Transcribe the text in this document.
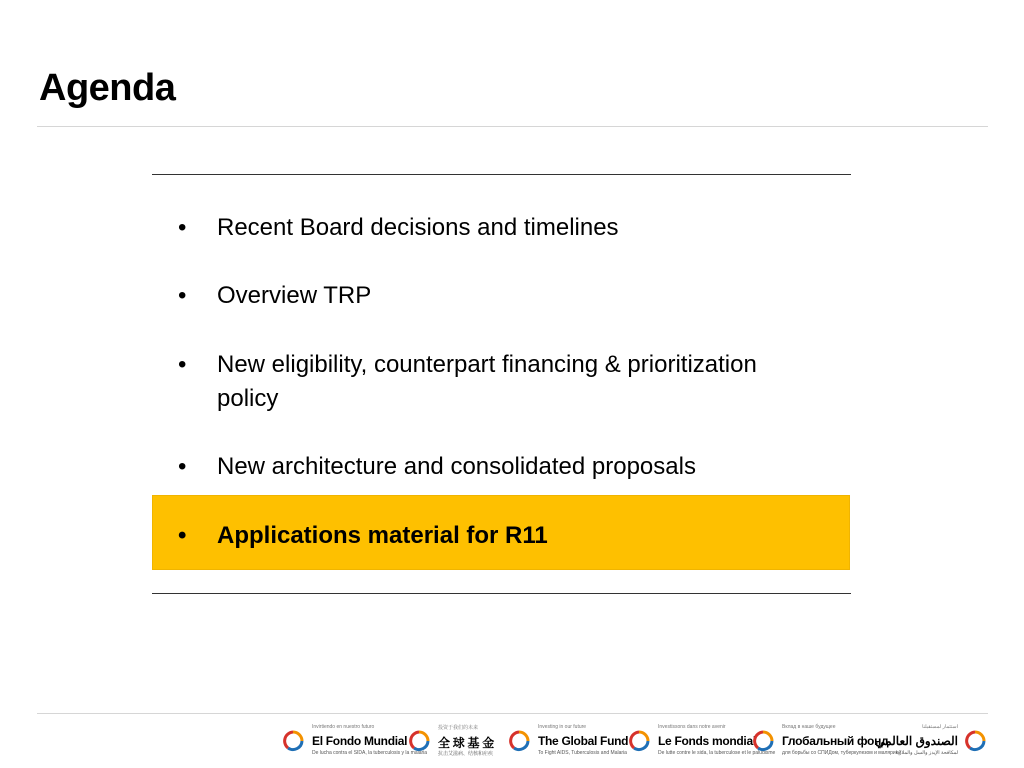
Agenda
•	Recent Board decisions and timelines
•	Overview TRP
•	New eligibility, counterpart financing & prioritization policy
•	New architecture and consolidated proposals
•	Applications material for R11
Invirtiendo en nuestro futuro
El Fondo Mundial
De lucha contra el SIDA, la tuberculosis y la malaria
投资于我们的未来
全 球 基 金
抗击艾滋病、结核和疟疾
Investing in our future
The Global Fund
To Fight AIDS, Tuberculosis and Malaria
Investissons dans notre avenir
Le Fonds mondial
De lutte contre le sida, la tuberculose et le paludisme
Вклад в наше будущее
Глобальный фонд
для борьбы со СПИДом, туберкулезом и малярией
استثمار لمستقبلنا
الصندوق العالمي
لمكافحة الإيدز والسل والملاريا
